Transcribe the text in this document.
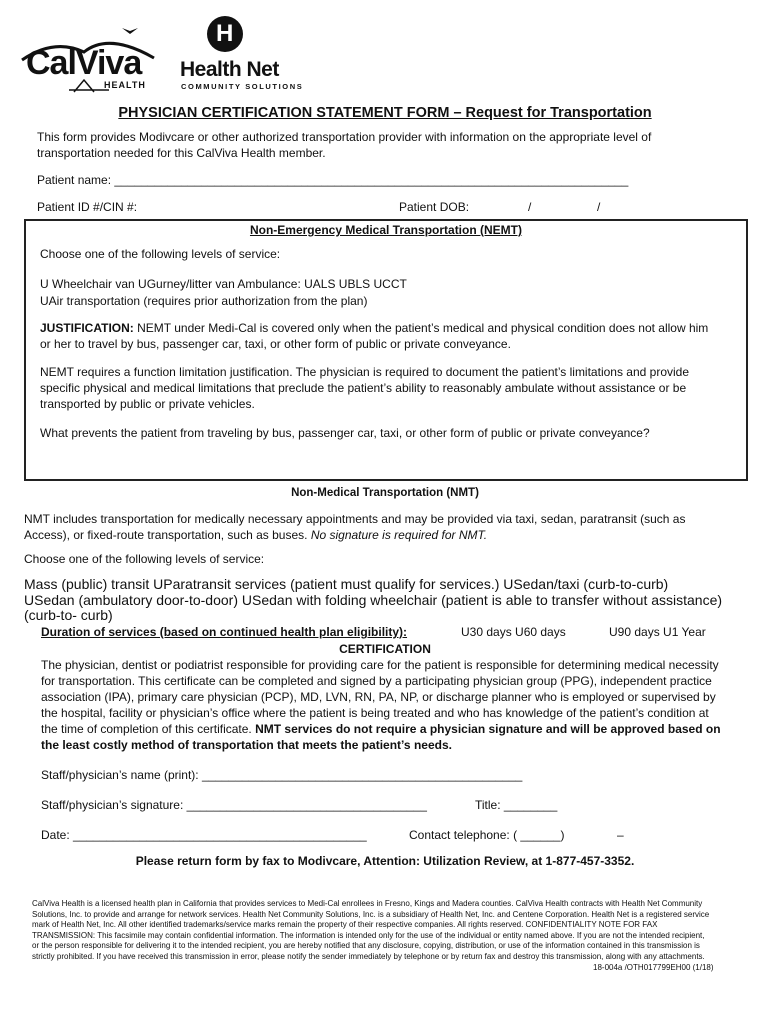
CalViva
HEALTH
H
Health Net
COMMUNITY SOLUTIONS
PHYSICIAN CERTIFICATION STATEMENT FORM – Request for Transportation
This form provides Modivcare or other authorized transportation provider with information on the appropriate level of transportation needed for this CalViva Health member.
Patient name: _____________________________________________________________________________
Patient ID #/CIN #:	Patient DOB:	/	/
Non-Emergency Medical Transportation (NEMT)
Choose one of the following levels of service:
U Wheelchair van UGurney/litter van Ambulance: UALS UBLS UCCT
UAir transportation (requires prior authorization from the plan)
JUSTIFICATION: NEMT under Medi-Cal is covered only when the patient’s medical and physical condition does not allow him or her to travel by bus, passenger car, taxi, or other form of public or private conveyance.
NEMT requires a function limitation justification. The physician is required to document the patient’s limitations and provide specific physical and medical limitations that preclude the patient’s ability to reasonably ambulate without assistance or be transported by public or private vehicles.
What prevents the patient from traveling by bus, passenger car, taxi, or other form of public or private conveyance?
Non-Medical Transportation (NMT)
NMT includes transportation for medically necessary appointments and may be provided via taxi, sedan, paratransit (such as Access), or fixed-route transportation, such as buses. No signature is required for NMT.
Choose one of the following levels of service:
Mass (public) transit UParatransit services (patient must qualify for services.) USedan/taxi (curb-to-curb)
USedan (ambulatory door-to-door) USedan with folding wheelchair (patient is able to transfer without assistance)
(curb-to- curb)
Duration of services (based on continued health plan eligibility):	U30 days U60 days	U90 days U1 Year
CERTIFICATION
The physician, dentist or podiatrist responsible for providing care for the patient is responsible for determining medical necessity for transportation. This certificate can be completed and signed by a participating physician group (PPG), independent practice association (IPA), primary care physician (PCP), MD, LVN, RN, PA, NP, or discharge planner who is employed or supervised by the hospital, facility or physician’s office where the patient is being treated and who has knowledge of the patient’s condition at the time of completion of this certificate. NMT services do not require a physician signature and will be approved based on the least costly method of transportation that meets the patient’s needs.
Staff/physician’s name (print): ________________________________________________
Staff/physician’s signature: ____________________________________	Title: ________
Date: ____________________________________________	Contact telephone: ( ______)	–
Please return form by fax to Modivcare, Attention: Utilization Review, at 1-877-457-3352.
CalViva Health is a licensed health plan in California that provides services to Medi-Cal enrollees in Fresno, Kings and Madera counties. CalViva Health contracts with Health Net Community Solutions, Inc. to provide and arrange for network services. Health Net Community Solutions, Inc. is a subsidiary of Health Net, Inc. and Centene Corporation. Health Net is a registered service mark of Health Net, Inc. All other identified trademarks/service marks remain the property of their respective companies. All rights reserved. CONFIDENTIALITY NOTE FOR FAX TRANSMISSION: This facsimile may contain confidential information. The information is intended only for the use of the individual or entity named above. If you are not the intended recipient, or the person responsible for delivering it to the intended recipient, you are hereby notified that any disclosure, copying, distribution, or use of the information contained in this transmission is strictly prohibited. If you have received this transmission in error, please notify the sender immediately by telephone or by return fax and destroy this transmission, along with any attachments.
18-004a /OTH017799EH00 (1/18)
